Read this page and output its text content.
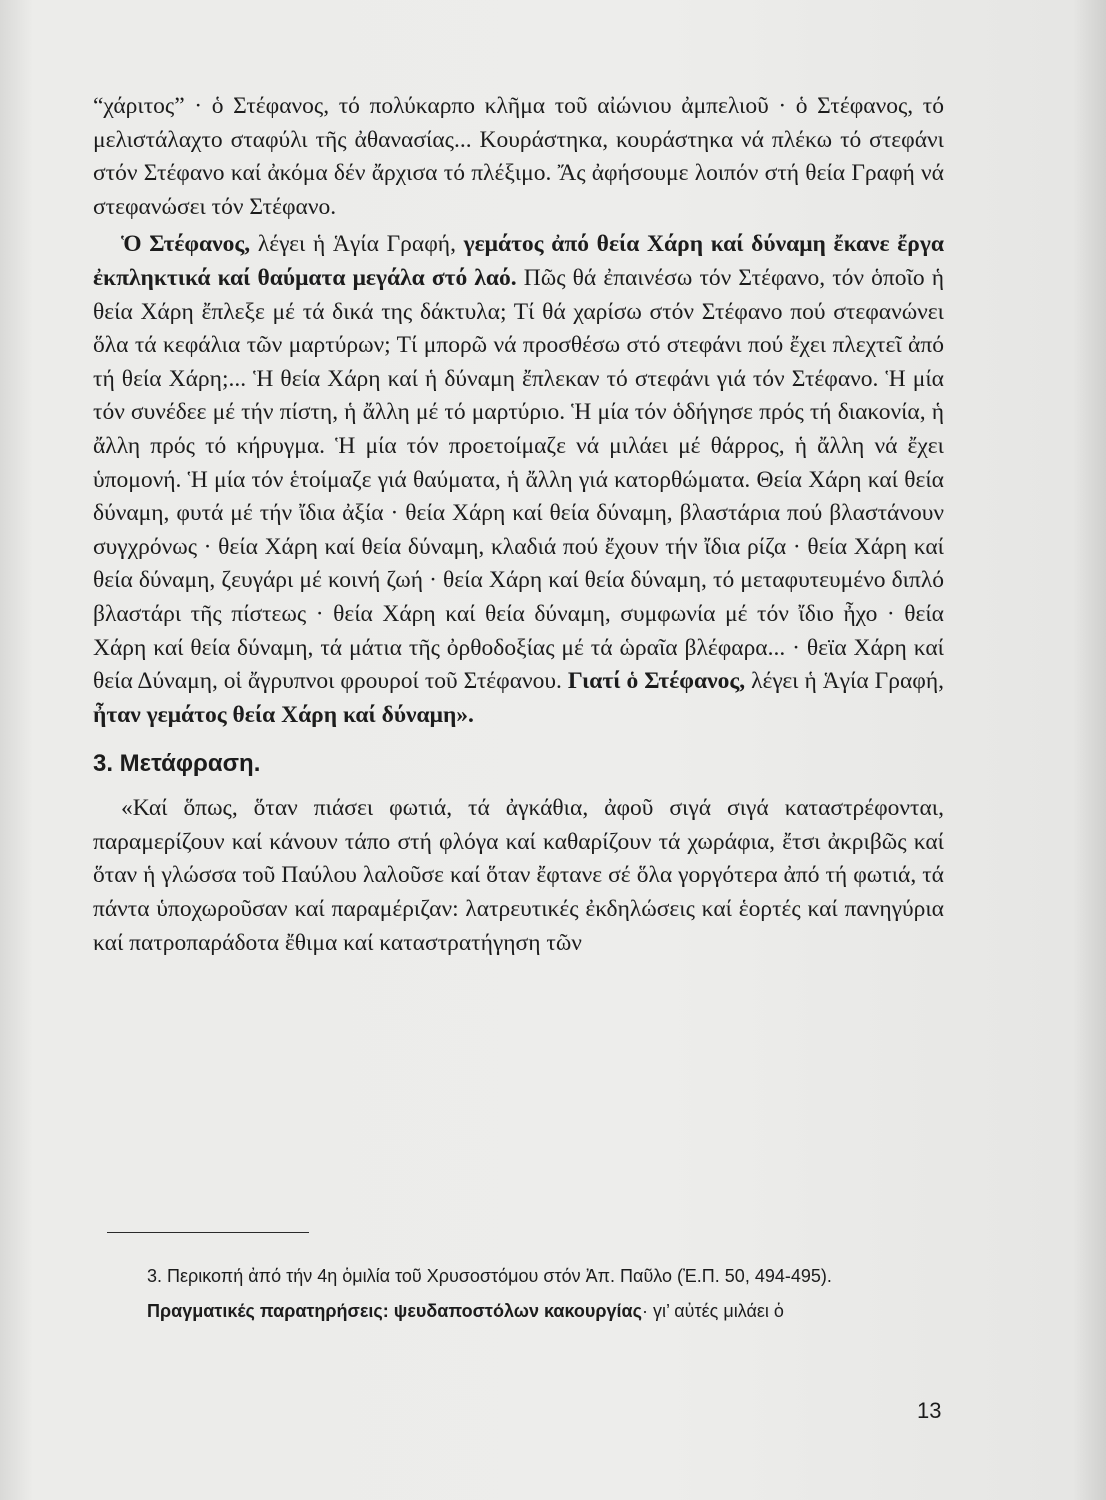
“χάριτος” · ὁ Στέφανος, τό πολύκαρπο κλῆμα τοῦ αἰώνιου ἀμπελιοῦ · ὁ Στέφανος, τό μελιστάλαχτο σταφύλι τῆς ἀθανασίας... Κουράστηκα, κουράστηκα νά πλέκω τό στεφάνι στόν Στέφανο καί ἀκόμα δέν ἄρχισα τό πλέξιμο. Ἄς ἀφήσουμε λοιπόν στή θεία Γραφή νά στεφανώσει τόν Στέφανο.

Ὁ Στέφανος, λέγει ἡ Ἁγία Γραφή, γεμάτος ἀπό θεία Χάρη καί δύναμη ἔκανε ἔργα ἐκπληκτικά καί θαύματα μεγάλα στό λαό. Πῶς θά ἐπαινέσω τόν Στέφανο, τόν ὁποῖο ἡ θεία Χάρη ἔπλεξε μέ τά δικά της δάκτυλα; Τί θά χαρίσω στόν Στέφανο πού στεφανώνει ὅλα τά κεφάλια τῶν μαρτύρων; Τί μπορῶ νά προσθέσω στό στεφάνι πού ἔχει πλεχτεῖ ἀπό τή θεία Χάρη;... Ἡ θεία Χάρη καί ἡ δύναμη ἔπλεκαν τό στεφάνι γιά τόν Στέφανο. Ἡ μία τόν συνέδεε μέ τήν πίστη, ἡ ἄλλη μέ τό μαρτύριο. Ἡ μία τόν ὁδήγησε πρός τή διακονία, ἡ ἄλλη πρός τό κήρυγμα. Ἡ μία τόν προετοίμαζε νά μιλάει μέ θάρρος, ἡ ἄλλη νά ἔχει ὑπομονή. Ἡ μία τόν ἑτοίμαζε γιά θαύματα, ἡ ἄλλη γιά κατορθώματα. Θεία Χάρη καί θεία δύναμη, φυτά μέ τήν ἴδια ἀξία · θεία Χάρη καί θεία δύναμη, βλαστάρια πού βλαστάνουν συγχρόνως · θεία Χάρη καί θεία δύναμη, κλαδιά πού ἔχουν τήν ἴδια ρίζα · θεία Χάρη καί θεία δύναμη, ζευγάρι μέ κοινή ζωή · θεία Χάρη καί θεία δύναμη, τό μεταφυτευμένο διπλό βλαστάρι τῆς πίστεως · θεία Χάρη καί θεία δύναμη, συμφωνία μέ τόν ἴδιο ἦχο · θεία Χάρη καί θεία δύναμη, τά μάτια τῆς ὀρθοδοξίας μέ τά ὡραῖα βλέφαρα... · θεϊα Χάρη καί θεία Δύναμη, οἱ ἄγρυπνοι φρουροί τοῦ Στέφανου. Γιατί ὁ Στέφανος, λέγει ἡ Ἁγία Γραφή, ἦταν γεμάτος θεία Χάρη καί δύναμη».

3. Μετάφραση.

«Καί ὅπως, ὅταν πιάσει φωτιά, τά ἀγκάθια, ἀφοῦ σιγά σιγά καταστρέφονται, παραμερίζουν καί κάνουν τάπο στή φλόγα καί καθαρίζουν τά χωράφια, ἔτσι ἀκριβῶς καί ὅταν ἡ γλώσσα τοῦ Παύλου λαλοῦσε καί ὅταν ἔφτανε σέ ὅλα γοργότερα ἀπό τή φωτιά, τά πάντα ὑποχωροῦσαν καί παραμέριζαν: λατρευτικές ἐκδηλώσεις καί ἑορτές καί πανηγύρια καί πατροπαράδοτα ἔθιμα καί καταστρατήγηση τῶν

3. Περικοπή ἀπό τήν 4η ὁμιλία τοῦ Χρυσοστόμου στόν Ἀπ. Παῦλο (Ἐ.Π. 50, 494-495).

Πραγματικές παρατηρήσεις: ψευδαποστόλων κακουργίας· γι’ αὐτές μιλάει ὁ

13
